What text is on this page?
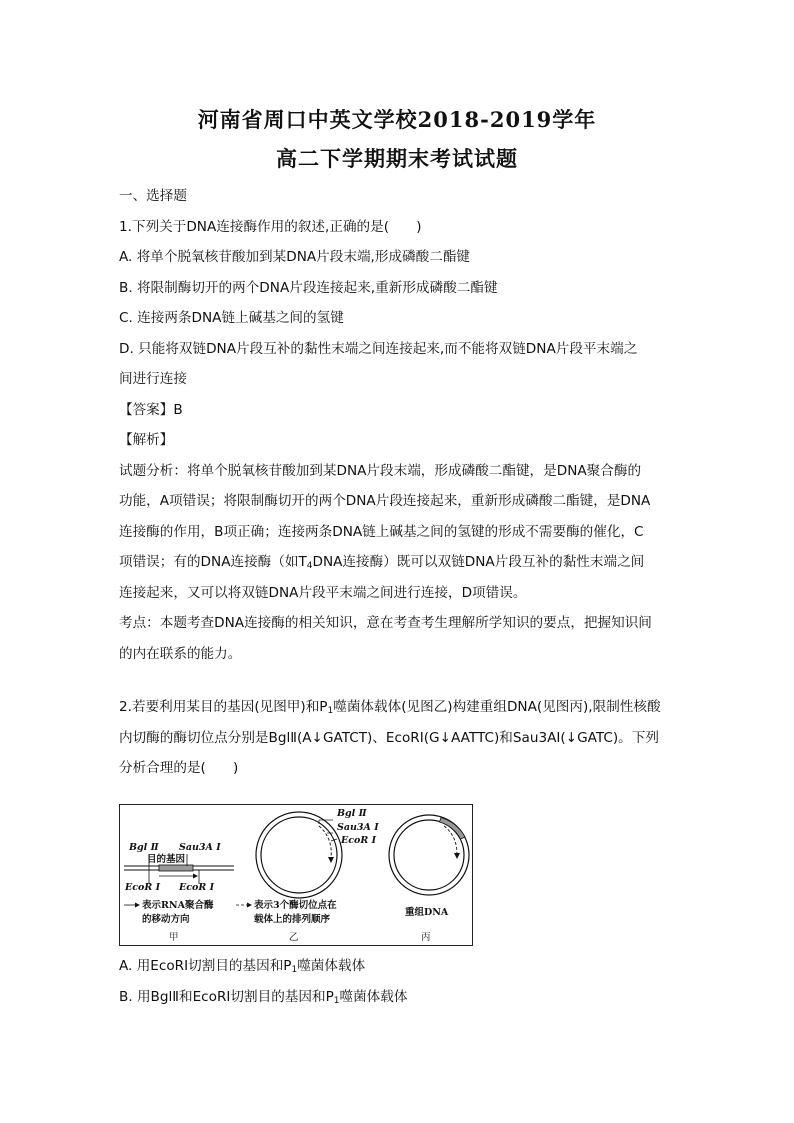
河南省周口中英文学校2018-2019学年
高二下学期期末考试试题

一、选择题

1.下列关于DNA连接酶作用的叙述,正确的是(　　)

A. 将单个脱氧核苷酸加到某DNA片段末端,形成磷酸二酯键

B. 将限制酶切开的两个DNA片段连接起来,重新形成磷酸二酯键

C. 连接两条DNA链上碱基之间的氢键

D. 只能将双链DNA片段互补的黏性末端之间连接起来,而不能将双链DNA片段平末端之

间进行连接

【答案】B

【解析】

试题分析：将单个脱氧核苷酸加到某DNA片段末端，形成磷酸二酯键，是DNA聚合酶的

功能，A项错误；将限制酶切开的两个DNA片段连接起来，重新形成磷酸二酯键，是DNA

连接酶的作用，B项正确；连接两条DNA链上碱基之间的氢键的形成不需要酶的催化，C

项错误；有的DNA连接酶（如$T_4DNA$连接酶）既可以双链DNA片段互补的黏性末端之间

连接起来，又可以将双链DNA片段平末端之间进行连接，D项错误。

考点：本题考查DNA连接酶的相关知识，意在考查考生理解所学知识的要点，把握知识间

的内在联系的能力。

2.若要利用某目的基因(见图甲)和$P_1$噬菌体载体(见图乙)构建重组DNA(见图丙),限制性核酸

内切酶的酶切位点分别是BglⅡ(A↓GATCT)、EcoRⅠ(G↓AATTC)和Sau3AⅠ(↓GATC)。下列

分析合理的是(　　)

Bgl Ⅱ Sau3A Ⅰ
目的基因
EcoR Ⅰ EcoR Ⅰ
表示RNA聚合酶
的移动方向
甲
Bgl Ⅱ
Sau3A Ⅰ
EcoR Ⅰ
表示3个酶切位点在
载体上的排列顺序
乙
重组DNA
丙

A. 用EcoRⅠ切割目的基因和$P_1$噬菌体载体

B. 用BglⅡ和EcoRⅠ切割目的基因和$P_1$噬菌体载体
